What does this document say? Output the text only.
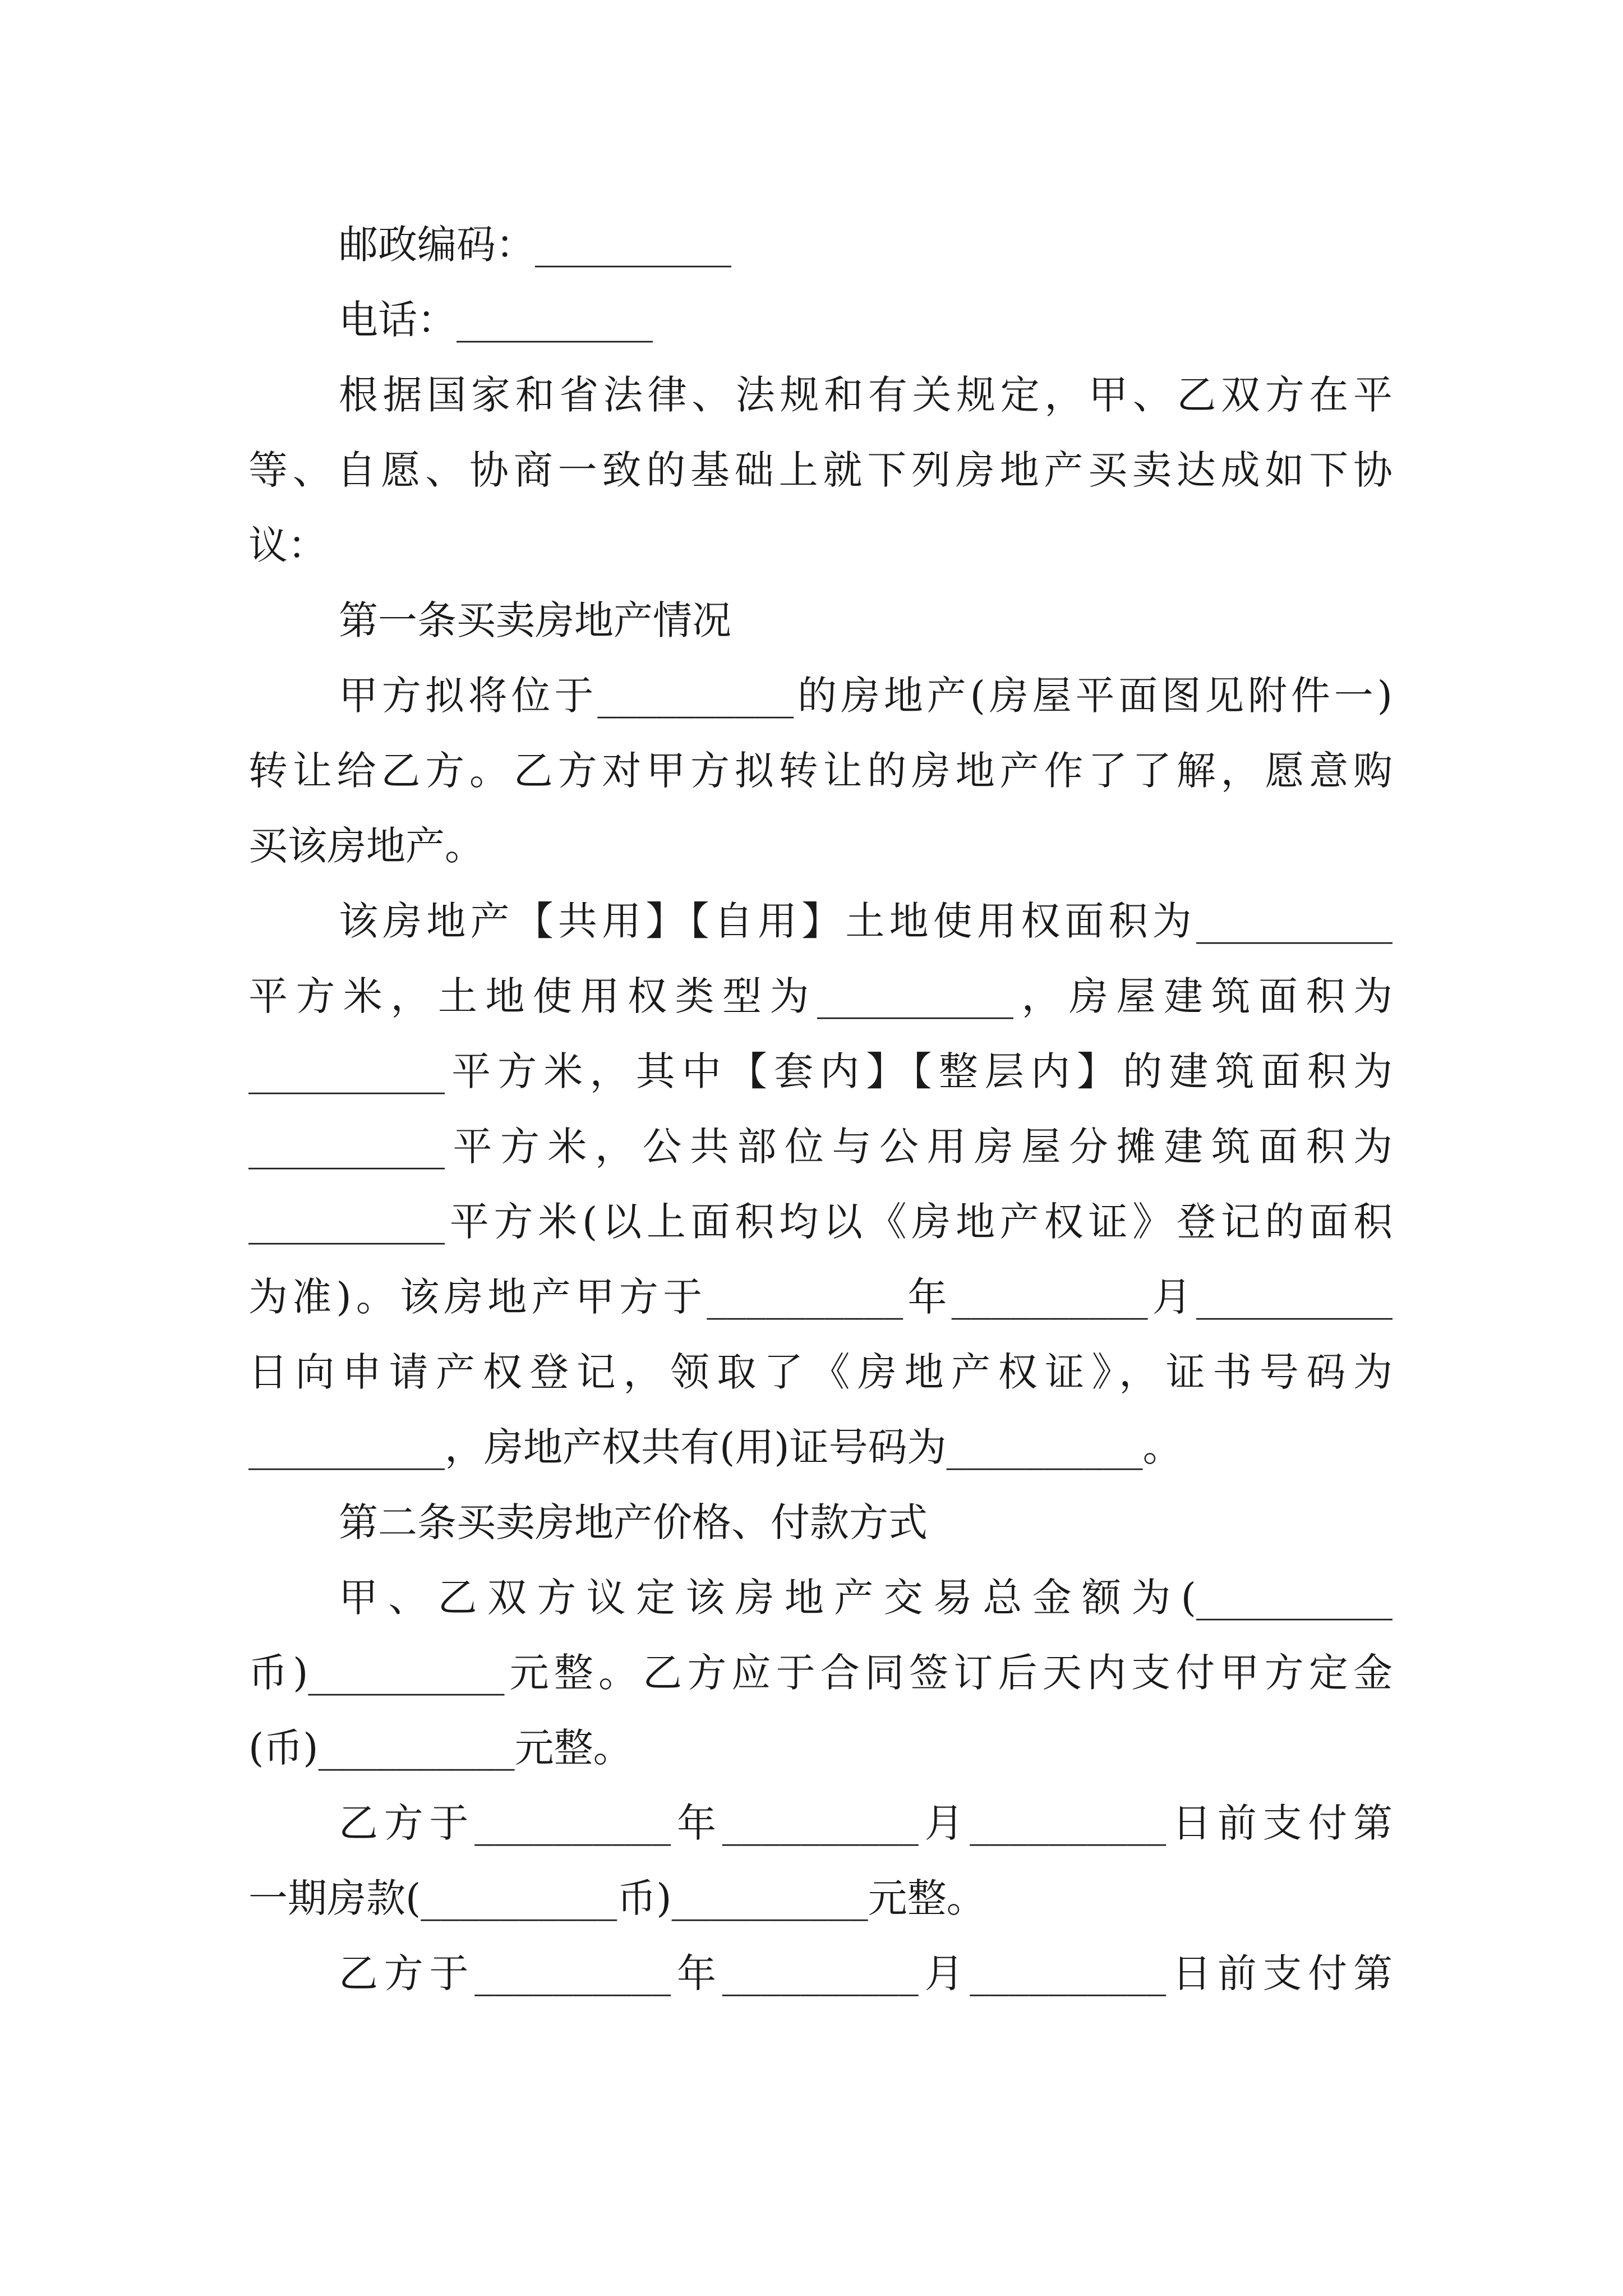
邮政编码：__________
电话：__________
根据国家和省法律、法规和有关规定，甲、乙双方在平
等、自愿、协商一致的基础上就下列房地产买卖达成如下协
议：
第一条买卖房地产情况
甲方拟将位于__________的房地产(房屋平面图见附件一)
转让给乙方。乙方对甲方拟转让的房地产作了了解，愿意购
买该房地产。
该房地产【共用】【自用】土地使用权面积为__________
平方米，土地使用权类型为__________，房屋建筑面积为
__________平方米，其中【套内】【整层内】的建筑面积为
__________平方米，公共部位与公用房屋分摊建筑面积为
__________平方米(以上面积均以《房地产权证》登记的面积
为准)。该房地产甲方于__________年__________月__________
日向申请产权登记，领取了《房地产权证》，证书号码为
__________，房地产权共有(用)证号码为__________。
第二条买卖房地产价格、付款方式
甲、乙双方议定该房地产交易总金额为(__________
币)__________元整。乙方应于合同签订后天内支付甲方定金
(币)__________元整。
乙方于__________年__________月__________日前支付第
一期房款(__________币)__________元整。
乙方于__________年__________月__________日前支付第
